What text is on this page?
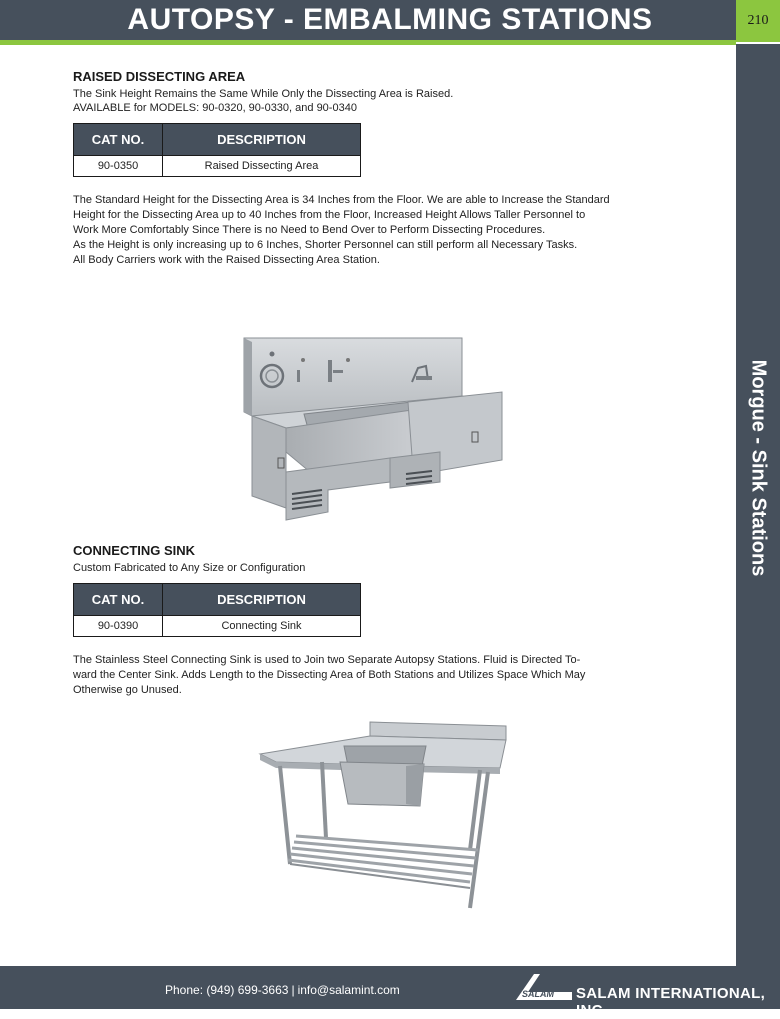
AUTOPSY - EMBALMING STATIONS	210
Morgue - Sink Stations
RAISED DISSECTING AREA
The Sink Height Remains the Same While Only the Dissecting Area is Raised.
AVAILABLE for MODELS: 90-0320, 90-0330, and 90-0340
CAT NO.	DESCRIPTION
90-0350	Raised Dissecting Area
The Standard Height for the Dissecting Area is 34 Inches from the Floor. We are able to Increase the Standard
Height for the Dissecting Area up to 40 Inches from the Floor, Increased Height Allows Taller Personnel to
Work More Comfortably Since There is no Need to Bend Over to Perform Dissecting Procedures.
As the Height is only increasing up to 6 Inches, Shorter Personnel can still perform all Necessary Tasks.
All Body Carriers work with the Raised Dissecting Area Station.
CONNECTING SINK
Custom Fabricated to Any Size or Configuration
CAT NO.	DESCRIPTION
90-0390	Connecting Sink
The Stainless Steel Connecting Sink is used to Join two Separate Autopsy Stations. Fluid is Directed To-
ward the Center Sink. Adds Length to the Dissecting Area of Both Stations and Utilizes Space Which May
Otherwise go Unused.
Phone: (949) 699-3663 | info@salamint.com	SALAM SALAM INTERNATIONAL, INC.
